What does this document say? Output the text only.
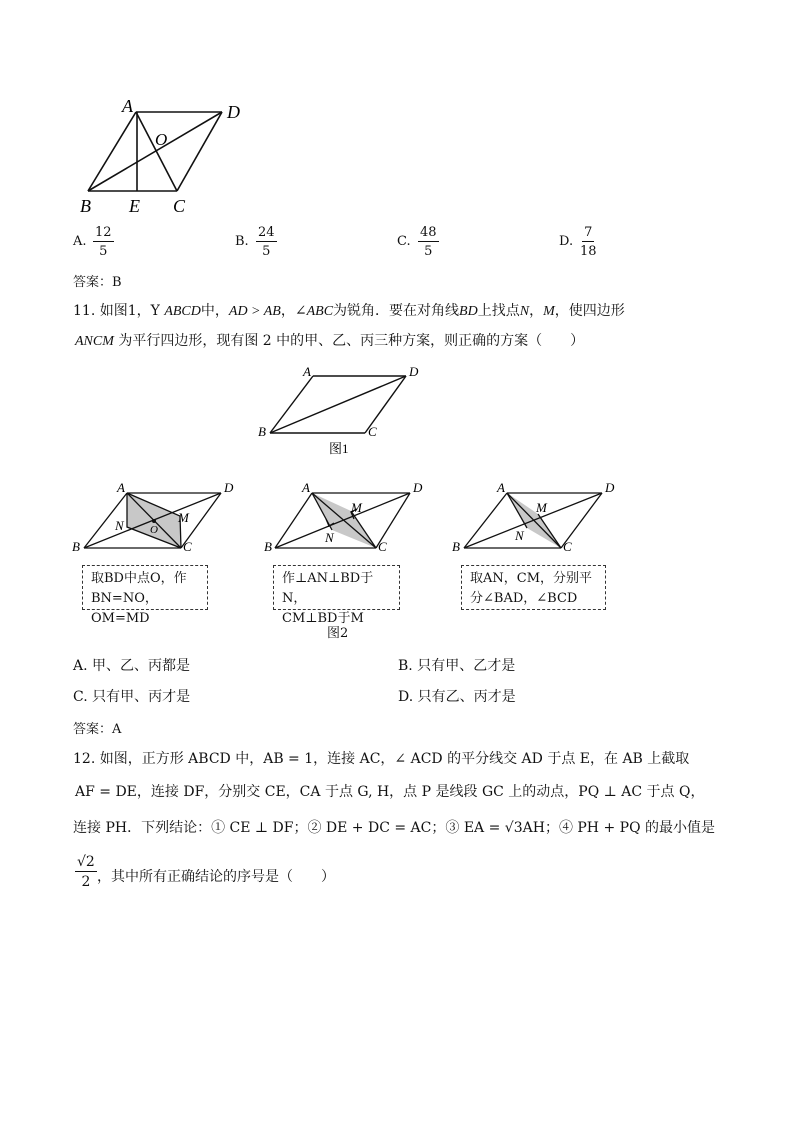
A	D
O
B E C
A. $\frac{12}{5}$	B. $\frac{24}{5}$	C. $\frac{48}{5}$	D. $\frac{7}{18}$
答案：B
11. 如图1，Y ABCD中，AD > AB，∠ABC为锐角．要在对角线BD上找点N，M，使四边形
ANCM 为平行四边形，现有图 2 中的甲、乙、丙三种方案，则正确的方案（　　）
A	D
B	C
图1
A	D
B	C
N
M
O
A	D
B	C
N
M
A	D
B	C
N
M
取BD中点O，作
BN=NO，OM=MD
作⊥AN⊥BD于N，
CM⊥BD于M
取AN，CM，分别平
分∠BAD，∠BCD
图2
A. 甲、乙、丙都是	B. 只有甲、乙才是
C. 只有甲、丙才是	D. 只有乙、丙才是
答案：A
12. 如图，正方形 ABCD 中，AB = 1，连接 AC，∠ ACD 的平分线交 AD 于点 E，在 AB 上截取
AF = DE，连接 DF，分别交 CE，CA 于点 G, H，点 P 是线段 GC 上的动点，PQ ⊥ AC 于点 Q，
连接 PH．下列结论：① CE ⊥ DF；② DE + DC = AC；③ EA = √3AH；④ PH + PQ 的最小值是
$\frac{√2}{2}$ ，其中所有正确结论的序号是（　　）
